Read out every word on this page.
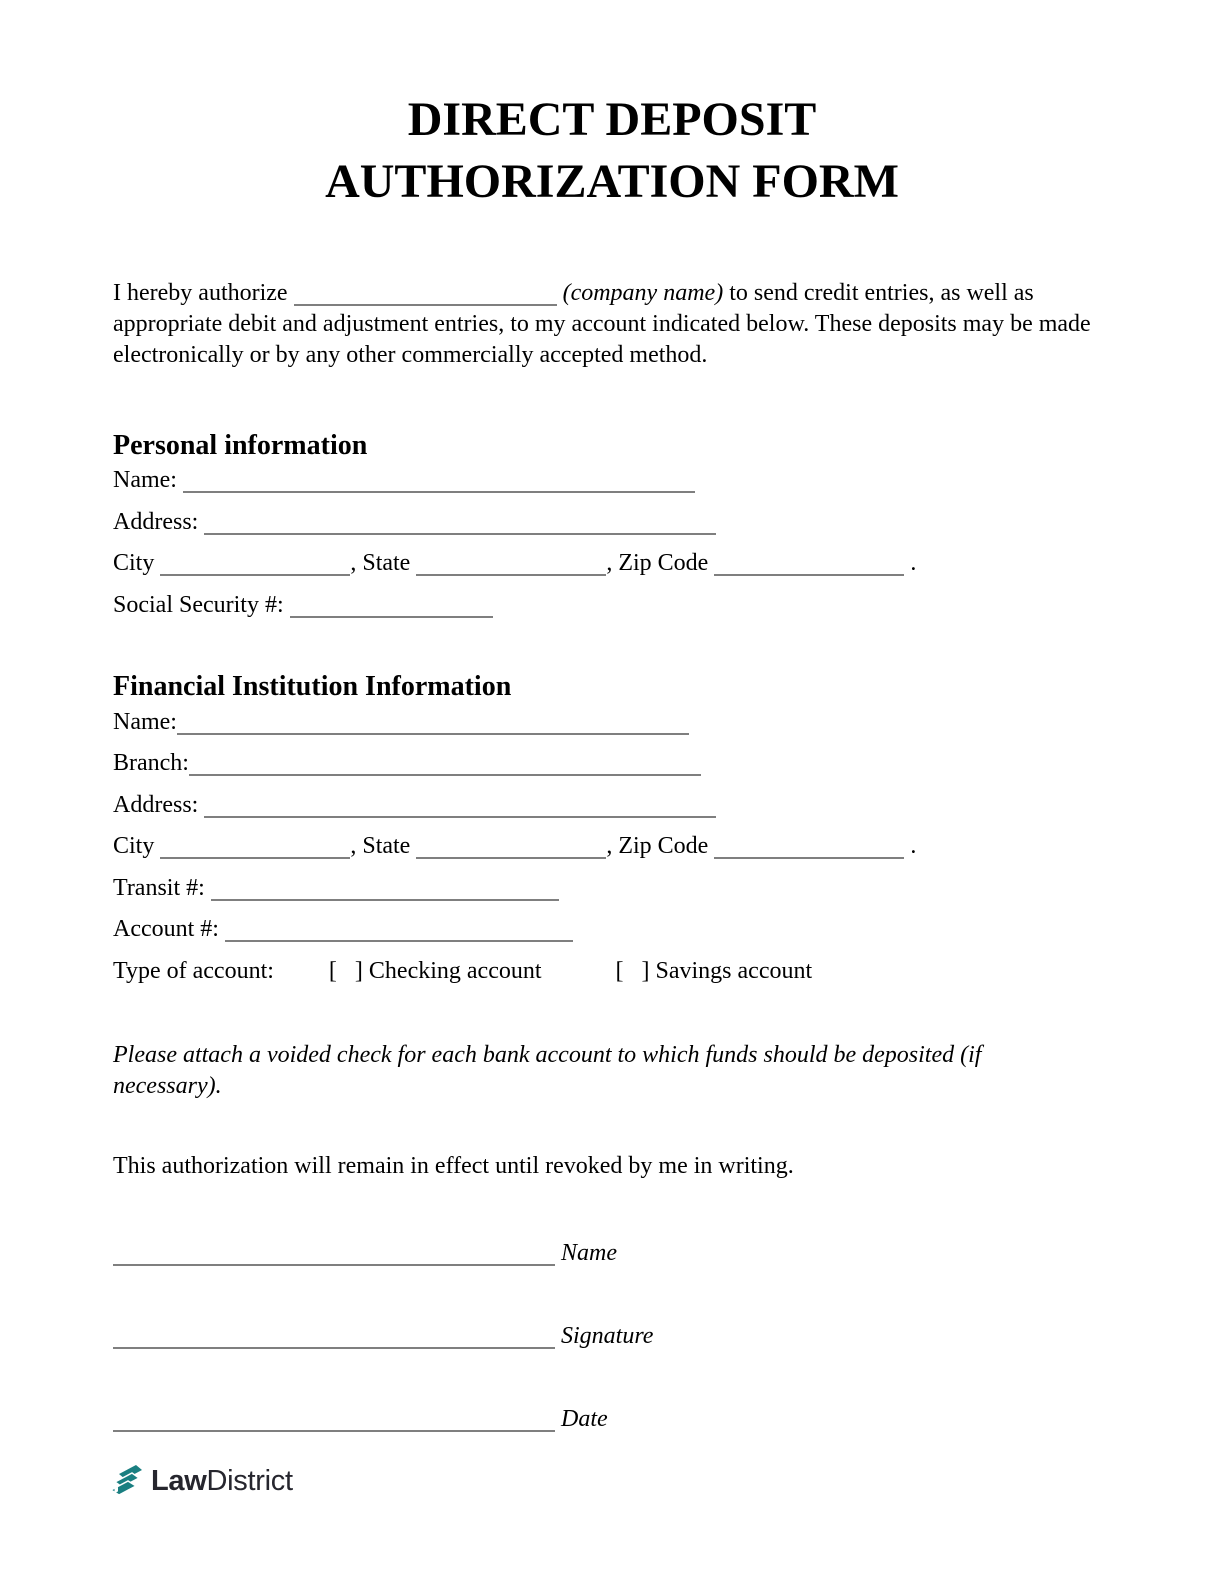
DIRECT DEPOSIT
AUTHORIZATION FORM

I hereby authorize	(company name) to send credit entries, as well as appropriate debit and adjustment entries, to my account indicated below. These deposits may be made electronically or by any other commercially accepted method.

Personal information
Name:
Address:
City	, State	, Zip Code	.
Social Security #:
Financial Institution Information
Name:
Branch:
Address:
City	, State	, Zip Code	.
Transit #:
Account #:
Type of account: [   ] Checking account	[   ] Savings account

Please attach a voided check for each bank account to which funds should be deposited (if necessary).

This authorization will remain in effect until revoked by me in writing.

Name
Signature
Date
LawDistrict
